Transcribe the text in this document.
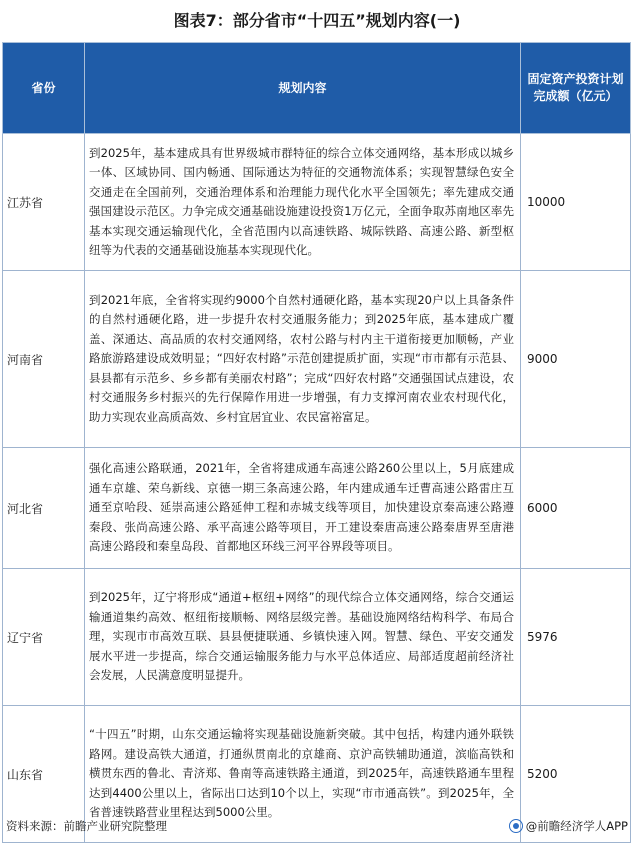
图表7：部分省市“十四五”规划内容(一)
省份	规划内容	固定资产投资计划完成额（亿元）
江苏省	到2025年，基本建成具有世界级城市群特征的综合立体交通网络，基本形成以城乡一体、区域协同、国内畅通、国际通达为特征的交通物流体系；实现智慧绿色安全交通走在全国前列，交通治理体系和治理能力现代化水平全国领先；率先建成交通强国建设示范区。力争完成交通基础设施建设投资1万亿元，全面争取苏南地区率先基本实现交通运输现代化，全省范围内以高速铁路、城际铁路、高速公路、新型枢纽等为代表的交通基础设施基本实现现代化。	10000
河南省	到2021年底，全省将实现约9000个自然村通硬化路，基本实现20户以上具备条件的自然村通硬化路，进一步提升农村交通服务能力；到2025年底，基本建成广覆盖、深通达、高品质的农村交通网络，农村公路与村内主干道衔接更加顺畅，产业路旅游路建设成效明显；“四好农村路”示范创建提质扩面，实现“市市都有示范县、县县都有示范乡、乡乡都有美丽农村路”；完成“四好农村路”交通强国试点建设，农村交通服务乡村振兴的先行保障作用进一步增强，有力支撑河南农业农村现代化，助力实现农业高质高效、乡村宜居宜业、农民富裕富足。	9000
河北省	强化高速公路联通，2021年，全省将建成通车高速公路260公里以上，5月底建成通车京雄、荣乌新线、京德一期三条高速公路，年内建成通车迁曹高速公路雷庄互通至京哈段、延崇高速公路延伸工程和赤城支线等项目，加快建设京秦高速公路遵秦段、张尚高速公路、承平高速公路等项目，开工建设秦唐高速公路秦唐界至唐港高速公路段和秦皇岛段、首都地区环线三河平谷界段等项目。	6000
辽宁省	到2025年，辽宁将形成“通道+枢纽+网络”的现代综合立体交通网络，综合交通运输通道集约高效、枢纽衔接顺畅、网络层级完善。基础设施网络结构科学、布局合理，实现市市高效互联、县县便捷联通、乡镇快速入网。智慧、绿色、平安交通发展水平进一步提高，综合交通运输服务能力与水平总体适应、局部适度超前经济社会发展，人民满意度明显提升。	5976
山东省	“十四五”时期，山东交通运输将实现基础设施新突破。其中包括，构建内通外联铁路网。建设高铁大通道，打通纵贯南北的京雄商、京沪高铁辅助通道，滨临高铁和横贯东西的鲁北、青济郑、鲁南等高速铁路主通道，到2025年，高速铁路通车里程达到4400公里以上，省际出口达到10个以上，实现“市市通高铁”。到2025年，全省普速铁路营业里程达到5000公里。	5200
资料来源：前瞻产业研究院整理	@前瞻经济学人APP
